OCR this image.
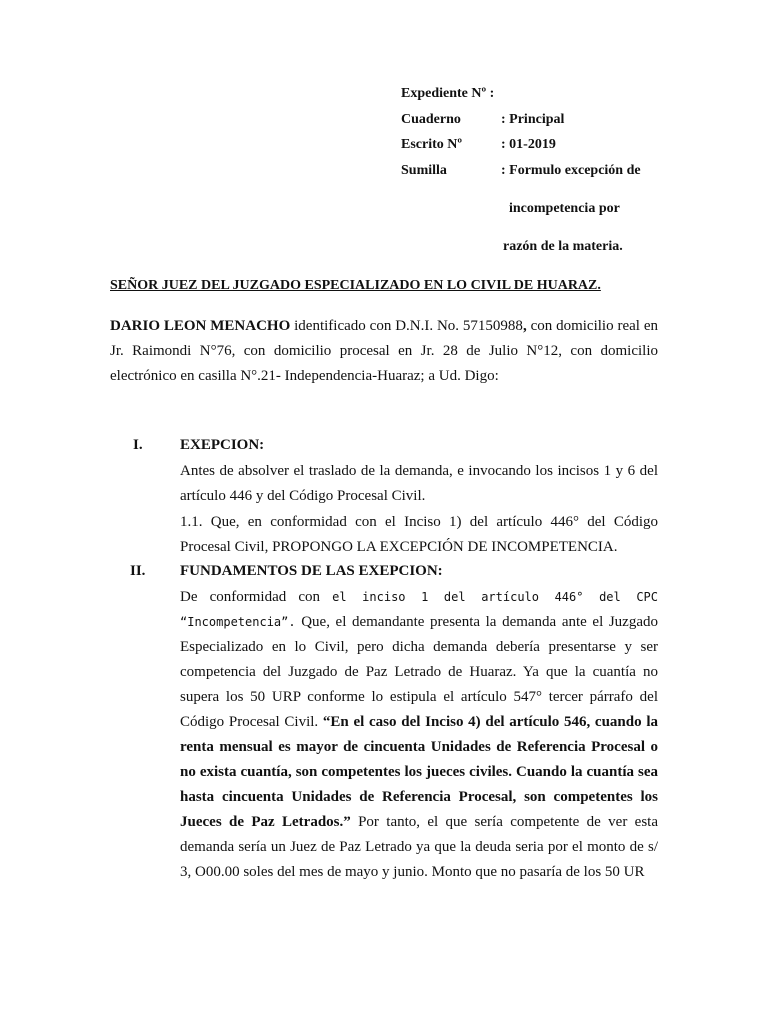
Expediente Nº :
Cuaderno	: Principal
Escrito Nº	: 01-2019
Sumilla	: Formulo excepción de
incompetencia por
razón de la materia.
SEÑOR JUEZ DEL JUZGADO ESPECIALIZADO EN LO CIVIL DE HUARAZ.
DARIO LEON MENACHO identificado con D.N.I. No. 57150988, con domicilio real en Jr. Raimondi N°76, con domicilio procesal en Jr. 28 de Julio N°12, con domicilio electrónico en casilla N°.21- Independencia-Huaraz; a Ud. Digo:
I. EXEPCION:
Antes de absolver el traslado de la demanda, e invocando los incisos 1 y 6 del artículo 446 y del Código Procesal Civil.
1.1. Que, en conformidad con el Inciso 1) del artículo 446° del Código Procesal Civil, PROPONGO LA EXCEPCIÓN DE INCOMPETENCIA.
II. FUNDAMENTOS DE LAS EXEPCION:
De conformidad con el inciso 1 del artículo 446° del CPC “Incompetencia”. Que, el demandante presenta la demanda ante el Juzgado Especializado en lo Civil, pero dicha demanda debería presentarse y ser competencia del Juzgado de Paz Letrado de Huaraz. Ya que la cuantía no supera los 50 URP conforme lo estipula el artículo 547° tercer párrafo del Código Procesal Civil. “En el caso del Inciso 4) del artículo 546, cuando la renta mensual es mayor de cincuenta Unidades de Referencia Procesal o no exista cuantía, son competentes los jueces civiles. Cuando la cuantía sea hasta cincuenta Unidades de Referencia Procesal, son competentes los Jueces de Paz Letrados.” Por tanto, el que sería competente de ver esta demanda sería un Juez de Paz Letrado ya que la deuda seria por el monto de s/ 3, O00.00 soles del mes de mayo y junio. Monto que no pasaría de los 50 UR
